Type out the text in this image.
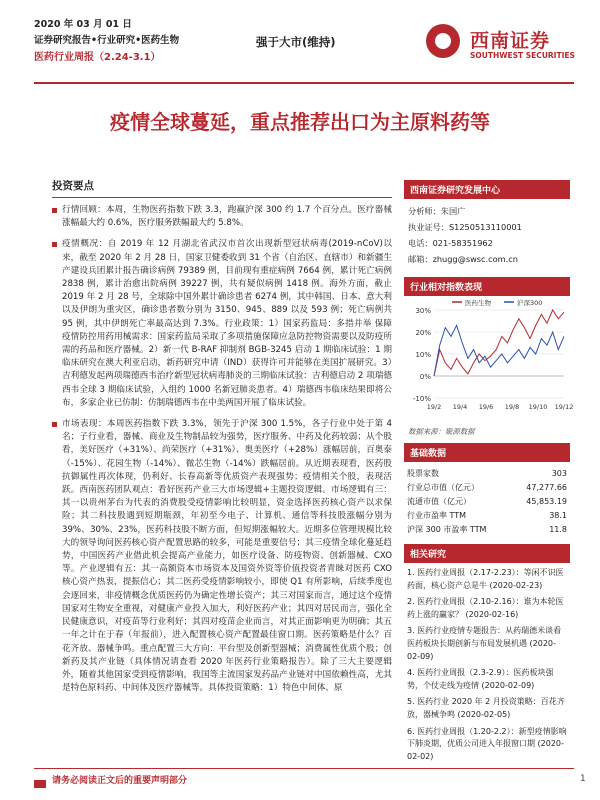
2020 年 03 月 01 日
证券研究报告•行业研究•医药生物
医药行业周报（2.24-3.1）
强于大市(维持)	西南证券
SOUTHWEST SECURITIES
疫情全球蔓延，重点推荐出口为主原料药等
投资要点
行情回顾：本周，生物医药指数下跌 3.3，跑赢沪深 300 约 1.7 个百分点。医疗器械涨幅最大约 0.6%，医疗服务跌幅最大约 5.8%。
疫情概况：自 2019 年 12 月湖北省武汉市首次出现新型冠状病毒(2019-nCoV)以来，截至 2020 年 2 月 28 日，国家卫健委收到 31 个省（自治区、直辖市）和新疆生产建设兵团累计报告确诊病例 79389 例，目前现有重症病例 7664 例，累计死亡病例 2838 例，累计治愈出院病例 39227 例，共有疑似病例 1418 例。海外方面，截止 2019 年 2 月 28 号，全球除中国外累计确诊患者 6274 例，其中韩国、日本、意大利以及伊朗为重灾区，确诊患者数分别为 3150、945、889 以及 593 例；死亡病例共 95 例，其中伊朗死亡率最高达到 7.3%。行业政策：1）国家药监局：多措并举 保障疫情防控用药用械需求：国家药监局采取了多项措施保障应急防控物资需要以及防疫所需的药品和医疗器械。2）新一代 B-RAF 抑制剂 BGB-3245 启动 1 期临床试验：1 期临床研究在澳大利亚启动，新药研究申请（IND）获得许可并能够在美国扩展研究。3）吉利德发起两项瑞德西韦治疗新型冠状病毒肺炎的三期临床试验：吉利德启动 2 项瑞德西韦全球 3 期临床试验，入组约 1000 名新冠肺炎患者。4）瑞德西韦临床结果即将公布，多家企业已仿制：仿制瑞德西韦在中美两国开展了临床试验。
市场表现：本周医药指数下跌 3.3%，领先于沪深 300 1.5%，各子行业中处于第 4 名；子行业看，器械、商业及生物制品较为强势，医疗服务、中药及化药较弱；从个股看，美好医疗（+31%）、尚荣医疗（+31%）、奥美医疗（+28%）涨幅居前，百奥泰（-15%）、花园生物（-14%）、微芯生物（-14%）跌幅居前。从近期表现看，医药股抗御属性再次体现，仍利好、长春高新等优质资产表现强势；疫情相关个股，表现活跃。西南医药团队观点：看好医药产业三大市场逻辑+主题投资逻辑。市场逻辑有三：其一以贵州茅台为代表的消费股受疫情影响比较明显，资金选择医药核心资产以求保险；其二科技股遇到短期瓶颈，年初至今电子、计算机、通信等科技股涨幅分别为 39%、30%、23%，医药科技股不断方面，但短期涨幅较大。近期多位管理规模比较大的领导询问医药核心资产配置思路的较多，可能是重要信号；其三疫情全球化蔓延趋势，中国医药产业借此机会提高产业能力，如医疗设备、防疫物资、创新器械、CXO 等。产业逻辑有五：其一高额资本市场资本及国资外资等价值投资者青睐对医药 CXO 核心资产热衷，提振信心；其二医药受疫情影响较小，即使 Q1 有所影响，后续季度也会逐回来，非疫情概念优质医药仍为确定性增长资产；其三对国家而言，通过这个疫情国家对生物安全重视，对健康产业投入加大，利好医药产业；其四对居民而言，强化全民健康意识，对疫苗等行业利好；其四对疫苗企业而言，对其正面影响更为明确；其五一年之计在于春（年报前），进入配置核心资产配置最佳窗口期。医药策略是什么？百花齐放、器械争鸣。重点配置三大方向：平台型及创新型器械；消费属性优质个股；创新药及其产业链（具体情况请查看 2020 年医药行业策略报告）。除了三大主要逻辑外，随着其他国家受到疫情影响，我国等主流国家发药品产业链对中国依赖性高，尤其是特色原料药、中间体及医疗器械等。具体投资策略：1）特色中间体、原
西南证券研究发展中心
分析师：朱国广
执业证号：S1250513110001
电话：021-58351962
邮箱：zhugg@swsc.com.cn
行业相对指数表现
30%
20%
10%
0%
-10%
19/2 19/4 19/6 19/8 19/10 19/12
医药生物	沪深300
数据来源：聚源数据
基础数据
股票家数	303
行业总市值（亿元）	47,277.66
流通市值（亿元）	45,853.19
行业市盈率 TTM	38.1
沪深 300 市盈率 TTM	11.8
相关研究
1. 医药行业周报（2.17-2.23）：等闲不识医药面，核心资产总是牛 (2020-02-23)
2. 医药行业周报（2.10-2.16）：谁为本轮医药上涨的赢家？ (2020-02-16)
3. 医药行业疫情专题报告：从药瑞德米谈看医药板块长期创新与布局发展机遇 (2020-02-09)
4. 医药行业周报（2.3-2.9）：医药板块强势，个仗走线为疫情 (2020-02-09)
5. 医药行业 2020 年 2 月投资策略：百花齐放，器械争鸣 (2020-02-05)
6. 医药行业周报（1.20-2.2）：新型疫情影响下肺炎期，优质公司进入年报窗口期 (2020-02-02)
请务必阅读正文后的重要声明部分	1
